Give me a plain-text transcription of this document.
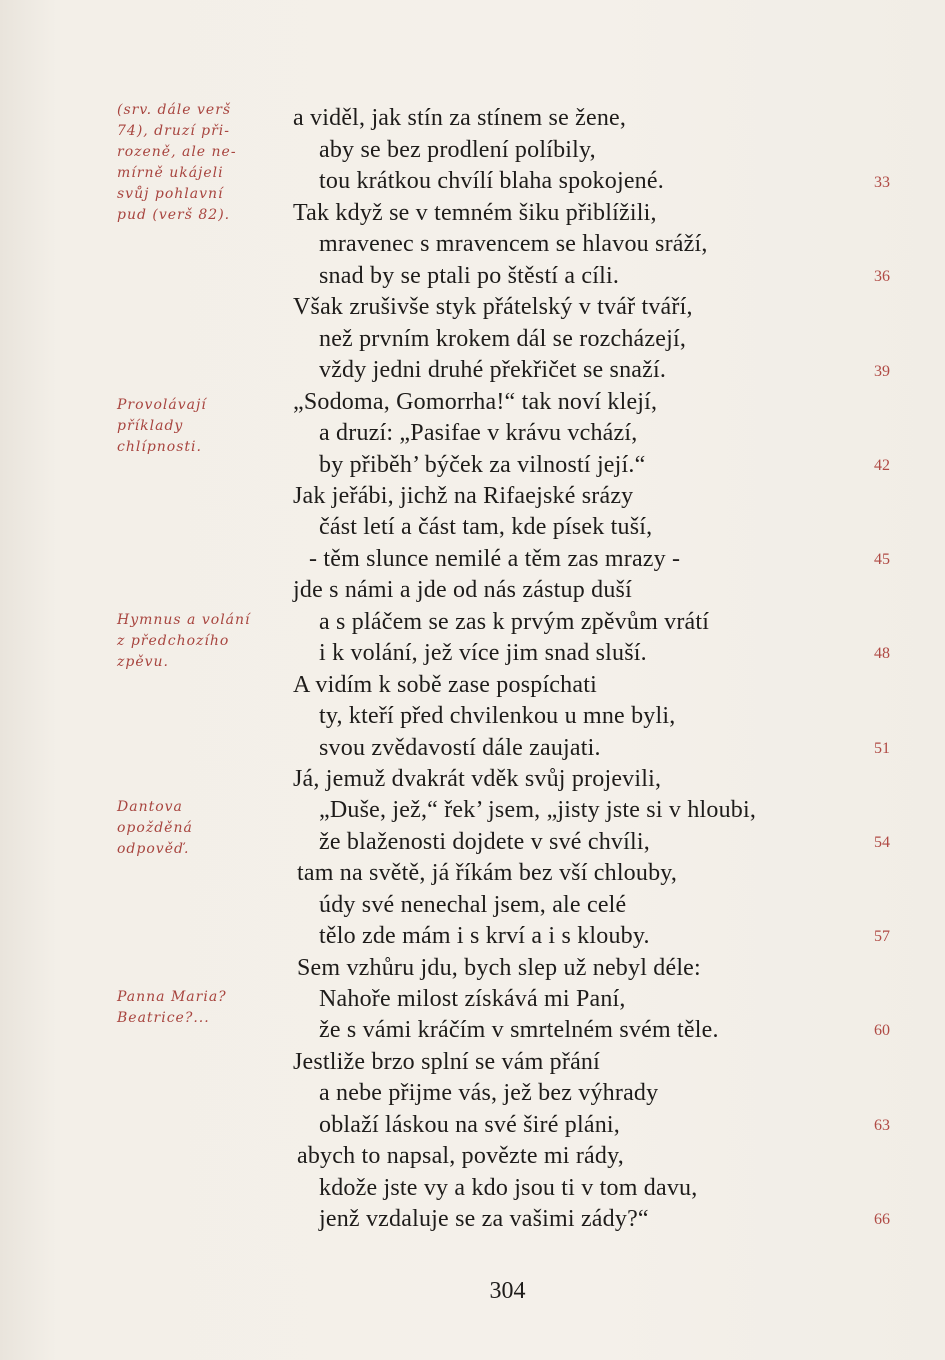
(srv. dále verš
74), druzí při-
rozeně, ale ne-
mírně ukájeli
svůj pohlavní
pud (verš 82).
Provolávají
příklady
chlípnosti.
Hymnus a volání
z předchozího
zpěvu.
Dantova
opožděná
odpověď.
Panna Maria?
Beatrice?...
a viděl, jak stín za stínem se žene,
aby se bez prodlení políbily,
tou krátkou chvílí blaha spokojené.
Tak když se v temném šiku přiblížili,
mravenec s mravencem se hlavou sráží,
snad by se ptali po štěstí a cíli.
Však zrušivše styk přátelský v tvář tváří,
než prvním krokem dál se rozcházejí,
vždy jedni druhé překřičet se snaží.
„Sodoma, Gomorrha!“ tak noví klejí,
a druzí: „Pasifae v krávu vchází,
by přiběh’ býček za vilností její.“
Jak jeřábi, jichž na Rifaejské srázy
část letí a část tam, kde písek tuší,
- těm slunce nemilé a těm zas mrazy -
jde s námi a jde od nás zástup duší
a s pláčem se zas k prvým zpěvům vrátí
i k volání, jež více jim snad sluší.
A vidím k sobě zase pospíchati
ty, kteří před chvilenkou u mne byli,
svou zvědavostí dále zaujati.
Já, jemuž dvakrát vděk svůj projevili,
„Duše, jež,“ řek’ jsem, „jisty jste si v hloubi,
že blaženosti dojdete v své chvíli,
tam na světě, já říkám bez vší chlouby,
údy své nenechal jsem, ale celé
tělo zde mám i s krví a i s klouby.
Sem vzhůru jdu, bych slep už nebyl déle:
Nahoře milost získává mi Paní,
že s vámi kráčím v smrtelném svém těle.
Jestliže brzo splní se vám přání
a nebe přijme vás, jež bez výhrady
oblaží láskou na své širé pláni,
abych to napsal, povězte mi rády,
kdože jste vy a kdo jsou ti v tom davu,
jenž vzdaluje se za vašimi zády?“
33
36
39
42
45
48
51
54
57
60
63
66
304
